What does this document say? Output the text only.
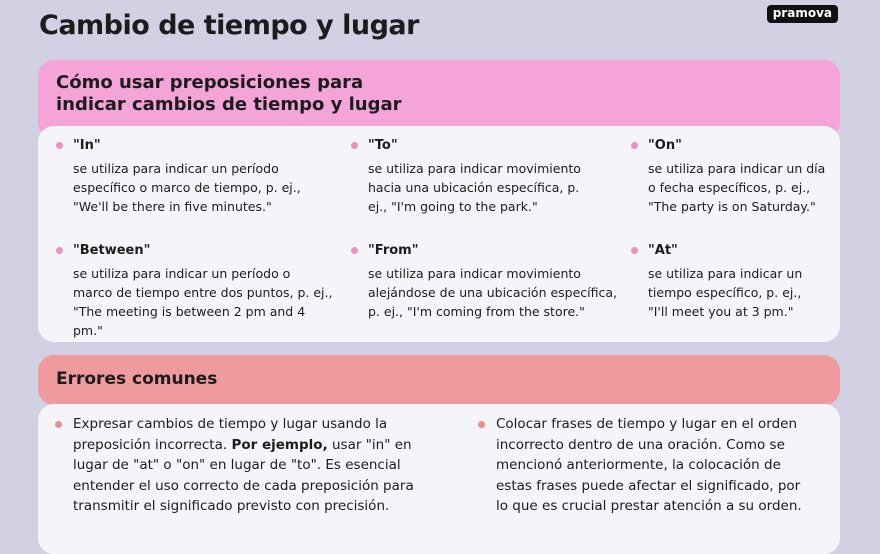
Cambio de tiempo y lugar	pramova
Cómo usar preposiciones para
indicar cambios de tiempo y lugar
"In"
se utiliza para indicar un período específico o marco de tiempo, p. ej., "We'll be there in five minutes."
"To"
se utiliza para indicar movimiento hacia una ubicación específica, p. ej., "I'm going to the park."
"On"
se utiliza para indicar un día o fecha específicos, p. ej., "The party is on Saturday."
"Between"
se utiliza para indicar un período o marco de tiempo entre dos puntos, p. ej., "The meeting is between 2 pm and 4 pm."
"From"
se utiliza para indicar movimiento alejándose de una ubicación específica, p. ej., "I'm coming from the store."
"At"
se utiliza para indicar un tiempo específico, p. ej., "I'll meet you at 3 pm."
Errores comunes
Expresar cambios de tiempo y lugar usando la preposición incorrecta. Por ejemplo, usar "in" en lugar de "at" o "on" en lugar de "to". Es esencial entender el uso correcto de cada preposición para transmitir el significado previsto con precisión.
Colocar frases de tiempo y lugar en el orden incorrecto dentro de una oración. Como se mencionó anteriormente, la colocación de estas frases puede afectar el significado, por lo que es crucial prestar atención a su orden.
